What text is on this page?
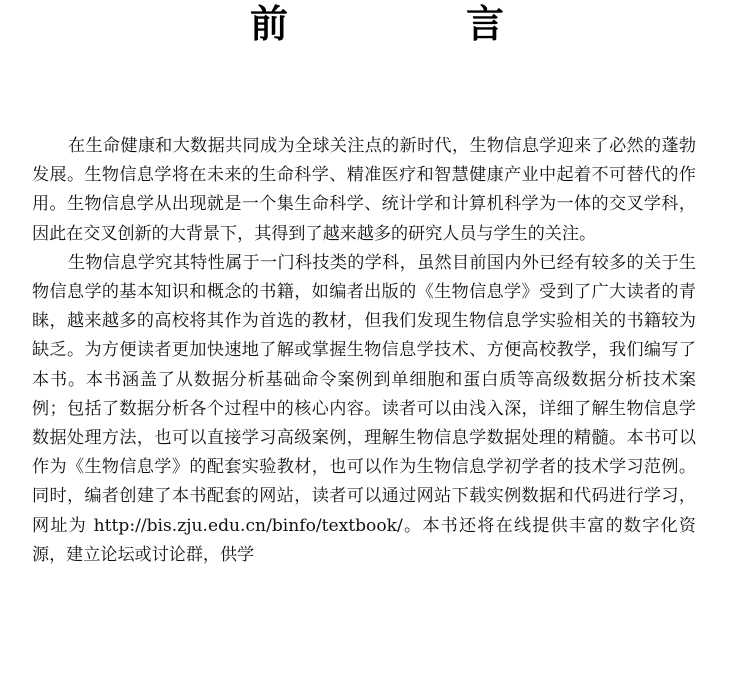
前　言

在生命健康和大数据共同成为全球关注点的新时代，生物信息学迎来了必然的蓬勃发展。生物信息学将在未来的生命科学、精准医疗和智慧健康产业中起着不可替代的作用。生物信息学从出现就是一个集生命科学、统计学和计算机科学为一体的交叉学科，因此在交叉创新的大背景下，其得到了越来越多的研究人员与学生的关注。

生物信息学究其特性属于一门科技类的学科，虽然目前国内外已经有较多的关于生物信息学的基本知识和概念的书籍，如编者出版的《生物信息学》受到了广大读者的青睐，越来越多的高校将其作为首选的教材，但我们发现生物信息学实验相关的书籍较为缺乏。为方便读者更加快速地了解或掌握生物信息学技术、方便高校教学，我们编写了本书。本书涵盖了从数据分析基础命令案例到单细胞和蛋白质等高级数据分析技术案例；包括了数据分析各个过程中的核心内容。读者可以由浅入深，详细了解生物信息学数据处理方法，也可以直接学习高级案例，理解生物信息学数据处理的精髓。本书可以作为《生物信息学》的配套实验教材，也可以作为生物信息学初学者的技术学习范例。同时，编者创建了本书配套的网站，读者可以通过网站下载实例数据和代码进行学习，网址为 http://bis.zju.edu.cn/binfo/textbook/。本书还将在线提供丰富的数字化资源，建立论坛或讨论群，供学
